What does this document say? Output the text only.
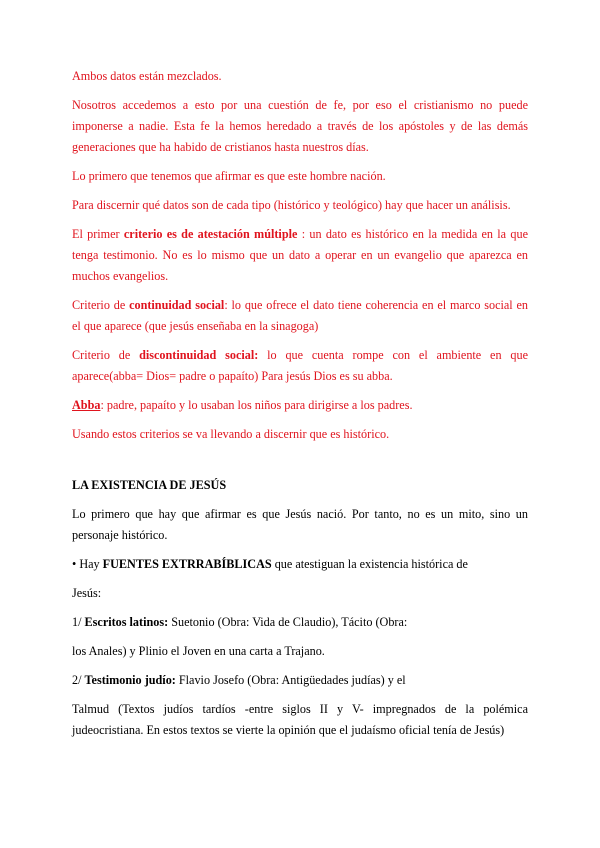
Ambos datos están mezclados.

Nosotros accedemos a esto por una cuestión de fe, por eso el cristianismo no puede imponerse a nadie. Esta fe la hemos heredado a través de los apóstoles y de las demás generaciones que ha habido de cristianos hasta nuestros días.

Lo primero que tenemos que afirmar es que este hombre nación.

Para discernir qué datos son de cada tipo (histórico y teológico) hay que hacer un análisis.

El primer criterio es de atestación múltiple : un dato es histórico en la medida en la que tenga testimonio. No es lo mismo que un dato a operar en un evangelio que aparezca en muchos evangelios.

Criterio de continuidad social: lo que ofrece el dato tiene coherencia en el marco social en el que aparece (que jesús enseñaba en la sinagoga)

Criterio de discontinuidad social: lo que cuenta rompe con el ambiente en que aparece(abba= Dios= padre o papaíto) Para jesús Dios es su abba.

Abba: padre, papaíto y lo usaban los niños para dirigirse a los padres.

Usando estos criterios se va llevando a discernir que es histórico.

LA EXISTENCIA DE JESÚS

Lo primero que hay que afirmar es que Jesús nació. Por tanto, no es un mito, sino un personaje histórico.

• Hay FUENTES EXTRRABÍBLICAS que atestiguan la existencia histórica de

Jesús:

1/ Escritos latinos: Suetonio (Obra: Vida de Claudio), Tácito (Obra:

los Anales) y Plinio el Joven en una carta a Trajano.

2/ Testimonio judío: Flavio Josefo (Obra: Antigüedades judías) y el

Talmud (Textos judíos tardíos -entre siglos II y V- impregnados de la polémica judeocristiana. En estos textos se vierte la opinión que el judaísmo oficial tenía de Jesús)
